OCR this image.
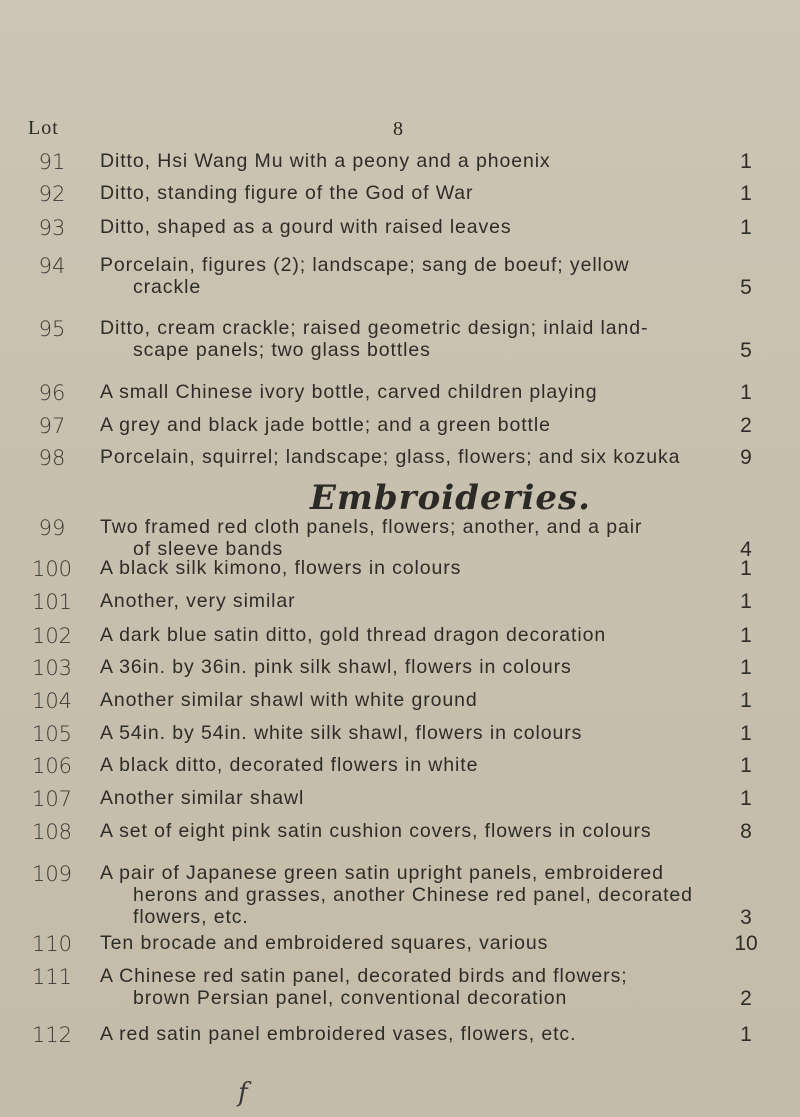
Lot	8
91	Ditto, Hsi Wang Mu with a peony and a phoenix	1
92	Ditto, standing figure of the God of War	1
93	Ditto, shaped as a gourd with raised leaves	1
94	Porcelain, figures (2); landscape; sang de boeuf; yellow
crackle	5
95	Ditto, cream crackle; raised geometric design; inlaid land-
scape panels; two glass bottles	5
96	A small Chinese ivory bottle, carved children playing	1
97	A grey and black jade bottle; and a green bottle	2
98	Porcelain, squirrel; landscape; glass, flowers; and six kozuka	9
99	Two framed red cloth panels, flowers; another, and a pair
of sleeve bands	4
100	A black silk kimono, flowers in colours	1
101	Another, very similar	1
102	A dark blue satin ditto, gold thread dragon decoration	1
103	A 36in. by 36in. pink silk shawl, flowers in colours	1
104	Another similar shawl with white ground	1
105	A 54in. by 54in. white silk shawl, flowers in colours	1
106	A black ditto, decorated flowers in white	1
107	Another similar shawl	1
108	A set of eight pink satin cushion covers, flowers in colours	8
109	A pair of Japanese green satin upright panels, embroidered
herons and grasses, another Chinese red panel, decorated
flowers, etc.	3
110	Ten brocade and embroidered squares, various	10
111	A Chinese red satin panel, decorated birds and flowers;
brown Persian panel, conventional decoration	2
112	A red satin panel embroidered vases, flowers, etc.	1
Embroideries.
f
